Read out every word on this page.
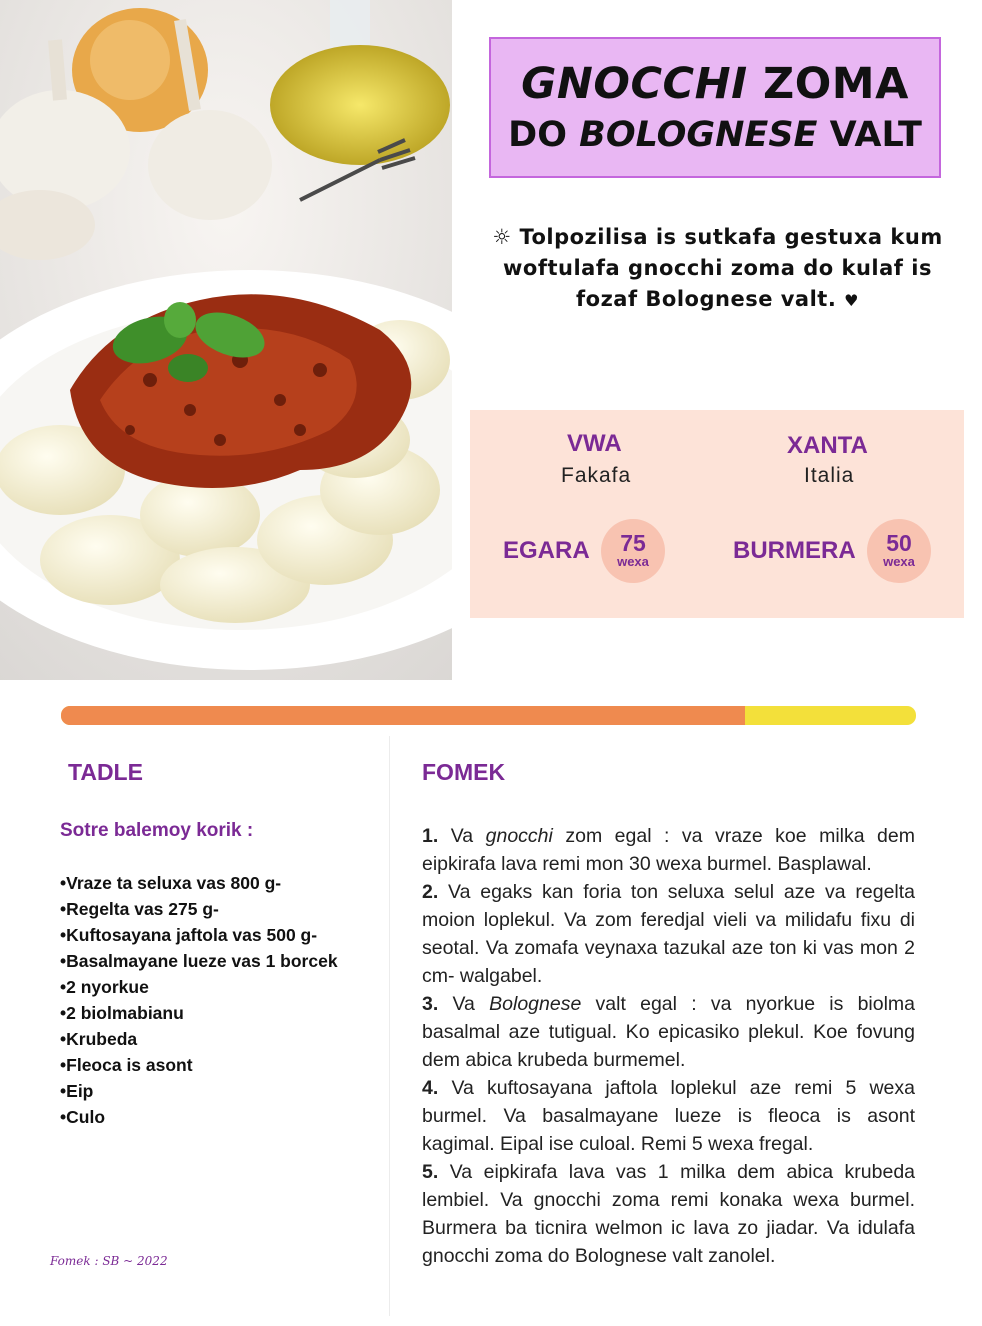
GNOCCHI ZOMA
DO BOLOGNESE VALT
☼ Tolpozilisa is sutkafa gestuxa kum woftulafa gnocchi zoma do kulaf is fozaf Bolognese valt. ♥
VWA
Fakafa
XANTA
Italia
EGARA	75
wexa	BURMERA	50
wexa
TADLE
Sotre balemoy korik :
• Vraze ta seluxa vas 800 g-
• Regelta vas 275 g-
• Kuftosayana jaftola vas 500 g-
• Basalmayane lueze vas 1 borcek
• 2 nyorkue
• 2 biolmabianu
• Krubeda
• Fleoca is asont
• Eip
• Culo
Fomek : SB ~ 2022
FOMEK

1. Va gnocchi zom egal : va vraze koe milka dem eipkirafa lava remi mon 30 wexa burmel. Basplawal.

2. Va egaks kan foria ton seluxa selul aze va regelta moion loplekul. Va zom feredjal vieli va milidafu fixu di seotal. Va zomafa veynaxa tazukal aze ton ki vas mon 2 cm- walgabel.

3. Va Bolognese valt egal : va nyorkue is biolma basalmal aze tutigual. Ko epicasiko plekul. Koe fovung dem abica krubeda burmemel.

4. Va kuftosayana jaftola loplekul aze remi 5 wexa burmel. Va basalmayane lueze is fleoca is asont kagimal. Eipal ise culoal. Remi 5 wexa fregal.

5. Va eipkirafa lava vas 1 milka dem abica krubeda lembiel. Va gnocchi zoma remi konaka wexa burmel. Burmera ba ticnira welmon ic lava zo jiadar. Va idulafa gnocchi zoma do Bolognese valt zanolel.
